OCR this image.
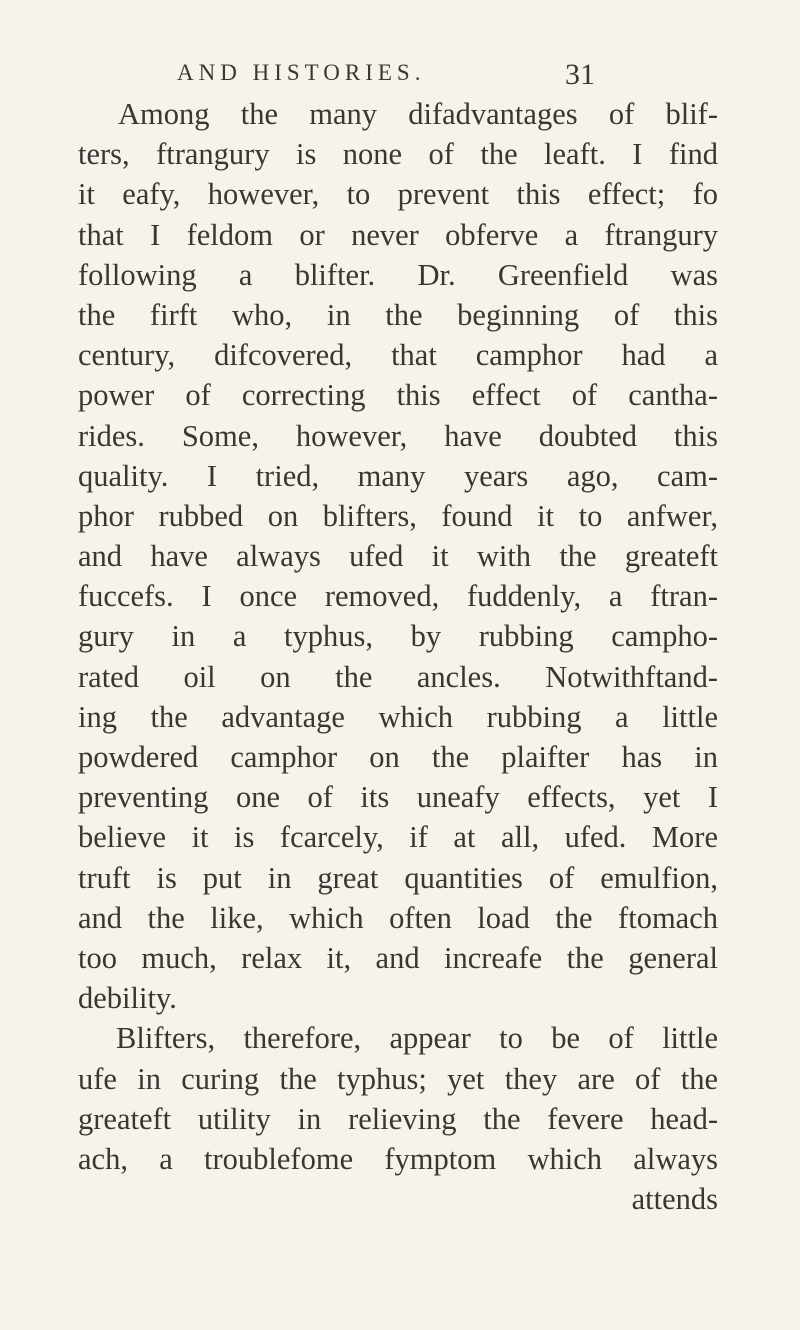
AND HISTORIES.	31
Among the many difadvantages of blif-
ters, ftrangury is none of the leaft. I find
it eafy, however, to prevent this effect; fo
that I feldom or never obferve a ftrangury
following a blifter. Dr. Greenfield was
the firft who, in the beginning of this
century, difcovered, that camphor had a
power of correcting this effect of cantha-
rides. Some, however, have doubted this
quality. I tried, many years ago, cam-
phor rubbed on blifters, found it to anfwer,
and have always ufed it with the greateft
fuccefs. I once removed, fuddenly, a ftran-
gury in a typhus, by rubbing campho-
rated oil on the ancles. Notwithftand-
ing the advantage which rubbing a little
powdered camphor on the plaifter has in
preventing one of its uneafy effects, yet I
believe it is fcarcely, if at all, ufed. More
truft is put in great quantities of emulfion,
and the like, which often load the ftomach
too much, relax it, and increafe the general
debility.
Blifters, therefore, appear to be of little
ufe in curing the typhus; yet they are of the
greateft utility in relieving the fevere head-
ach, a troublefome fymptom which always
attends
